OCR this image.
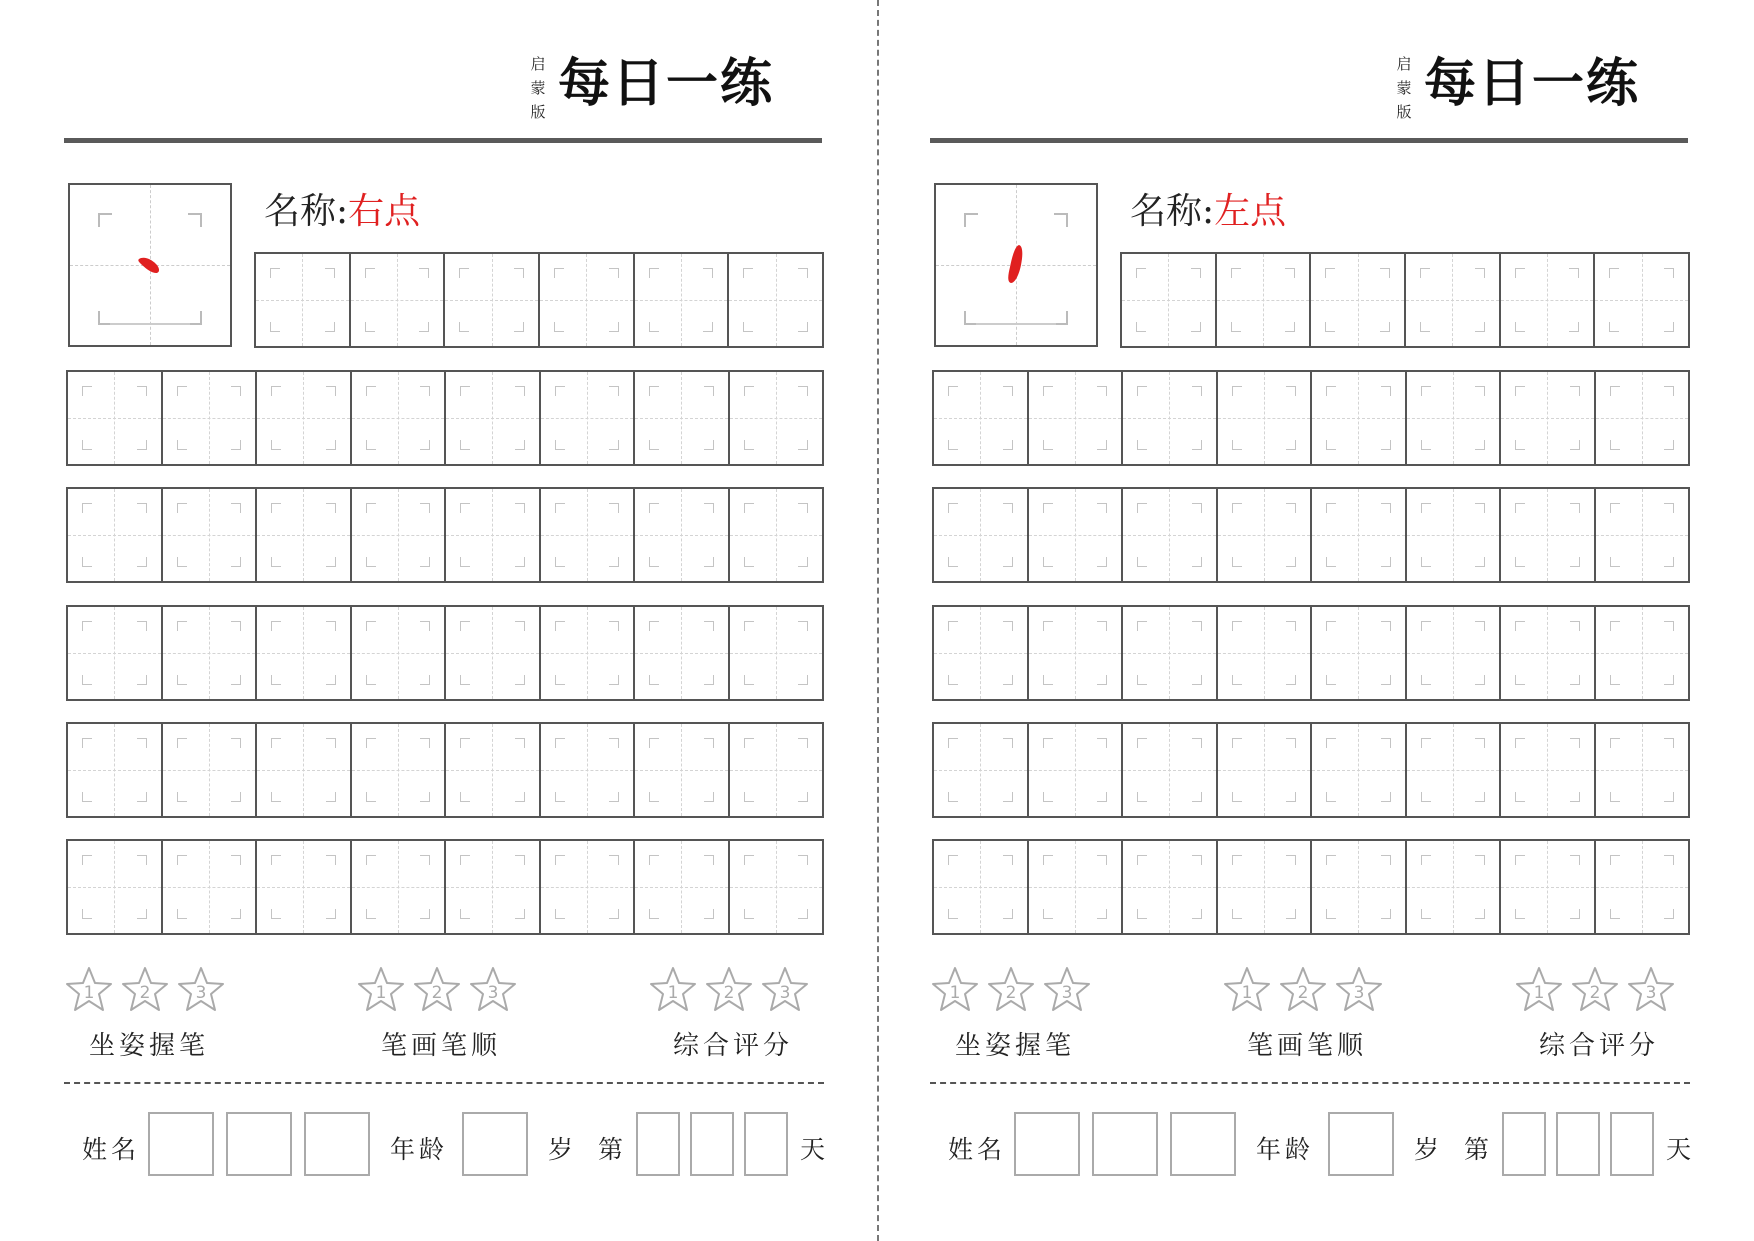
启
蒙
版 每日一练
名称:右点
1	2	3
坐姿握笔
1	2	3
笔画笔顺
1	2	3
综合评分
姓名	年龄	岁 第	天
启
蒙
版 每日一练
名称:左点
1	2	3
坐姿握笔
1	2	3
笔画笔顺
1	2	3
综合评分
姓名	年龄	岁 第	天
